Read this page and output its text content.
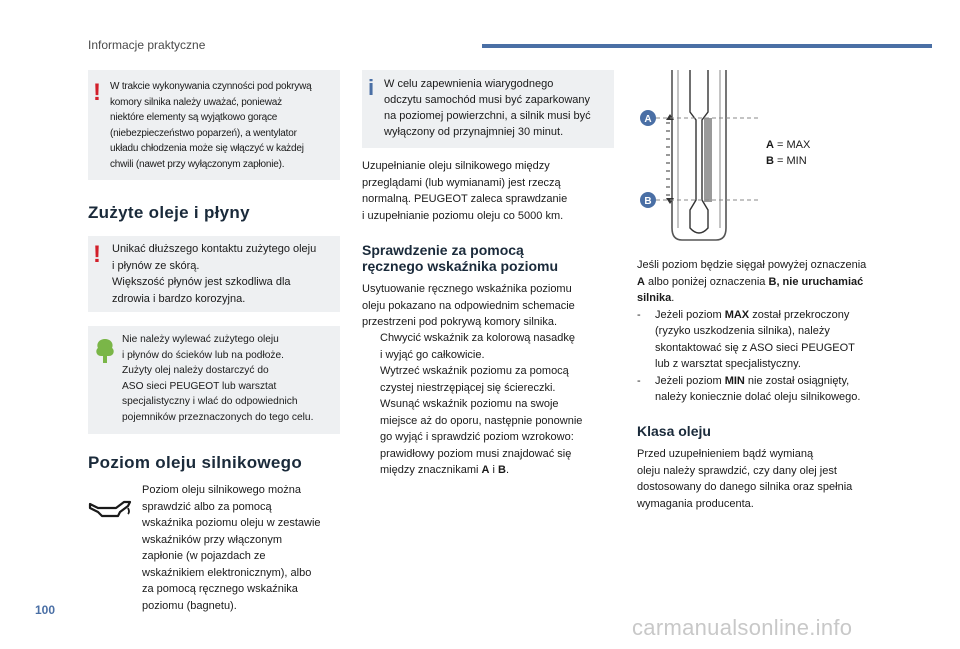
Informacje praktyczne
! W trakcie wykonywania czynności pod pokrywą
komory silnika należy uważać, ponieważ
niektóre elementy są wyjątkowo gorące
(niebezpieczeństwo poparzeń), a wentylator
układu chłodzenia może się włączyć w każdej
chwili (nawet przy wyłączonym zapłonie).
Zużyte oleje i płyny
! Unikać dłuższego kontaktu zużytego oleju
i płynów ze skórą.
Większość płynów jest szkodliwa dla
zdrowia i bardzo korozyjna.
Nie należy wylewać zużytego oleju
i płynów do ścieków lub na podłoże.
Zużyty olej należy dostarczyć do
ASO sieci PEUGEOT lub warsztat
specjalistyczny i wlać do odpowiednich
pojemników przeznaczonych do tego celu.
Poziom oleju silnikowego
Poziom oleju silnikowego można
sprawdzić albo za pomocą
wskaźnika poziomu oleju w zestawie
wskaźników przy włączonym
zapłonie (w pojazdach ze
wskaźnikiem elektronicznym), albo
za pomocą ręcznego wskaźnika
poziomu (bagnetu).
i W celu zapewnienia wiarygodnego
odczytu samochód musi być zaparkowany
na poziomej powierzchni, a silnik musi być
wyłączony od przynajmniej 30 minut.
Uzupełnianie oleju silnikowego między
przeglądami (lub wymianami) jest rzeczą
normalną. PEUGEOT zaleca sprawdzanie
i uzupełnianie poziomu oleju co 5000 km.
Sprawdzenie za pomocą
ręcznego wskaźnika poziomu
Usytuowanie ręcznego wskaźnika poziomu
oleju pokazano na odpowiednim schemacie
przestrzeni pod pokrywą komory silnika.
Chwycić wskaźnik za kolorową nasadkę
i wyjąć go całkowicie.
Wytrzeć wskaźnik poziomu za pomocą
czystej niestrzępiącej się ściereczki.
Wsunąć wskaźnik poziomu na swoje
miejsce aż do oporu, następnie ponownie
go wyjąć i sprawdzić poziom wzrokowo:
prawidłowy poziom musi znajdować się
między znacznikami A i B.
A
B
A = MAX
B = MIN
Jeśli poziom będzie sięgał powyżej oznaczenia
A albo poniżej oznaczenia B, nie uruchamiać
silnika.
- Jeżeli poziom MAX został przekroczony
(ryzyko uszkodzenia silnika), należy
skontaktować się z ASO sieci PEUGEOT
lub z warsztat specjalistyczny.
- Jeżeli poziom MIN nie został osiągnięty,
należy koniecznie dolać oleju silnikowego.
Klasa oleju
Przed uzupełnieniem bądź wymianą
oleju należy sprawdzić, czy dany olej jest
dostosowany do danego silnika oraz spełnia
wymagania producenta.
100
carmanualsonline.info
